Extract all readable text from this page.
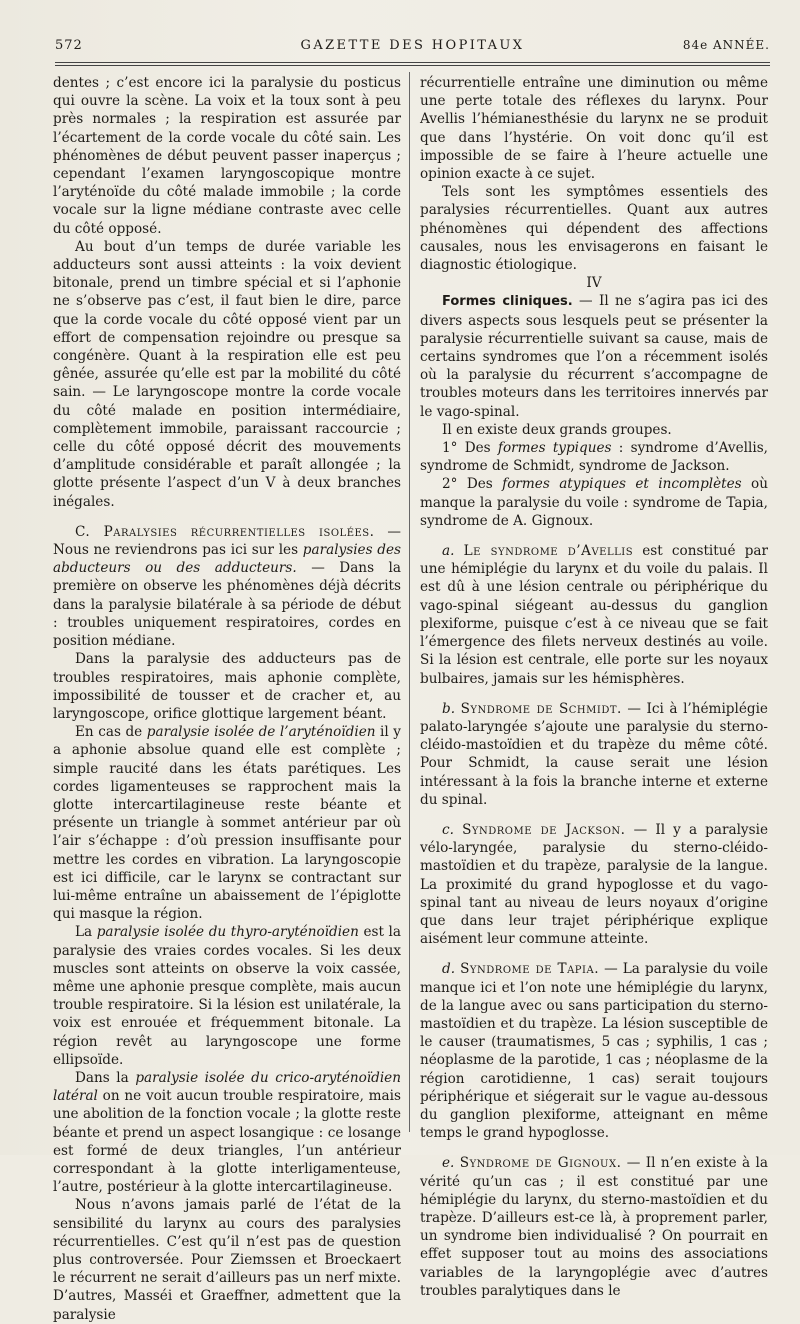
572	GAZETTE DES HOPITAUX	84e ANNÉE.

dentes ; c’est encore ici la paralysie du posticus qui ouvre la scène. La voix et la toux sont à peu près normales ; la respiration est assurée par l’écartement de la corde vocale du côté sain. Les phénomènes de début peuvent passer inaperçus ; cependant l’examen laryngoscopique montre l’aryténoïde du côté malade immobile ; la corde vocale sur la ligne médiane contraste avec celle du côté opposé.

Au bout d’un temps de durée variable les adducteurs sont aussi atteints : la voix devient bitonale, prend un timbre spécial et si l’aphonie ne s’observe pas c’est, il faut bien le dire, parce que la corde vocale du côté opposé vient par un effort de compensation rejoindre ou presque sa congénère. Quant à la respiration elle est peu gênée, assurée qu’elle est par la mobilité du côté sain. — Le laryngoscope montre la corde vocale du côté malade en position intermédiaire, complètement immobile, paraissant raccourcie ; celle du côté opposé décrit des mouvements d’amplitude considérable et paraît allongée ; la glotte présente l’aspect d’un V à deux branches inégales.

C. Paralysies récurrentielles isolées. — Nous ne reviendrons pas ici sur les paralysies des abducteurs ou des adducteurs. — Dans la première on observe les phénomènes déjà décrits dans la paralysie bilatérale à sa période de début : troubles uniquement respiratoires, cordes en position médiane.

Dans la paralysie des adducteurs pas de troubles respiratoires, mais aphonie complète, impossibilité de tousser et de cracher et, au laryngoscope, orifice glottique largement béant.

En cas de paralysie isolée de l’aryténoïdien il y a aphonie absolue quand elle est complète ; simple raucité dans les états parétiques. Les cordes ligamenteuses se rapprochent mais la glotte intercartilagineuse reste béante et présente un triangle à sommet antérieur par où l’air s’échappe : d’où pression insuffisante pour mettre les cordes en vibration. La laryngoscopie est ici difficile, car le larynx se contractant sur lui-même entraîne un abaissement de l’épiglotte qui masque la région.

La paralysie isolée du thyro-aryténoïdien est la paralysie des vraies cordes vocales. Si les deux muscles sont atteints on observe la voix cassée, même une aphonie presque complète, mais aucun trouble respiratoire. Si la lésion est unilatérale, la voix est enrouée et fréquemment bitonale. La région revêt au laryngoscope une forme ellipsoïde.

Dans la paralysie isolée du crico-aryténoïdien latéral on ne voit aucun trouble respiratoire, mais une abolition de la fonction vocale ; la glotte reste béante et prend un aspect losangique : ce losange est formé de deux triangles, l’un antérieur correspondant à la glotte interligamenteuse, l’autre, postérieur à la glotte intercartilagineuse.

Nous n’avons jamais parlé de l’état de la sensibilité du larynx au cours des paralysies récurrentielles. C’est qu’il n’est pas de question plus controversée. Pour Ziemssen et Broeckaert le récurrent ne serait d’ailleurs pas un nerf mixte. D’autres, Masséi et Graeffner, admettent que la paralysie

récurrentielle entraîne une diminution ou même une perte totale des réflexes du larynx. Pour Avellis l’hémianesthésie du larynx ne se produit que dans l’hystérie. On voit donc qu’il est impossible de se faire à l’heure actuelle une opinion exacte à ce sujet.

Tels sont les symptômes essentiels des paralysies récurrentielles. Quant aux autres phénomènes qui dépendent des affections causales, nous les envisagerons en faisant le diagnostic étiologique.

IV

Formes cliniques. — Il ne s’agira pas ici des divers aspects sous lesquels peut se présenter la paralysie récurrentielle suivant sa cause, mais de certains syndromes que l’on a récemment isolés où la paralysie du récurrent s’accompagne de troubles moteurs dans les territoires innervés par le vago-spinal.

Il en existe deux grands groupes.

1° Des formes typiques : syndrome d’Avellis, syndrome de Schmidt, syndrome de Jackson.

2° Des formes atypiques et incomplètes où manque la paralysie du voile : syndrome de Tapia, syndrome de A. Gignoux.

a. Le syndrome d’Avellis est constitué par une hémiplégie du larynx et du voile du palais. Il est dû à une lésion centrale ou périphérique du vago-spinal siégeant au-dessus du ganglion plexiforme, puisque c’est à ce niveau que se fait l’émergence des filets nerveux destinés au voile. Si la lésion est centrale, elle porte sur les noyaux bulbaires, jamais sur les hémisphères.

b. Syndrome de Schmidt. — Ici à l’hémiplégie palato-laryngée s’ajoute une paralysie du sterno-cléido-mastoïdien et du trapèze du même côté. Pour Schmidt, la cause serait une lésion intéressant à la fois la branche interne et externe du spinal.

c. Syndrome de Jackson. — Il y a paralysie vélo-laryngée, paralysie du sterno-cléido-mastoïdien et du trapèze, paralysie de la langue. La proximité du grand hypoglosse et du vago-spinal tant au niveau de leurs noyaux d’origine que dans leur trajet périphérique explique aisément leur commune atteinte.

d. Syndrome de Tapia. — La paralysie du voile manque ici et l’on note une hémiplégie du larynx, de la langue avec ou sans participation du sterno-mastoïdien et du trapèze. La lésion susceptible de le causer (traumatismes, 5 cas ; syphilis, 1 cas ; néoplasme de la parotide, 1 cas ; néoplasme de la région carotidienne, 1 cas) serait toujours périphérique et siégerait sur le vague au-dessous du ganglion plexiforme, atteignant en même temps le grand hypoglosse.

e. Syndrome de Gignoux. — Il n’en existe à la vérité qu’un cas ; il est constitué par une hémiplégie du larynx, du sterno-mastoïdien et du trapèze. D’ailleurs est-ce là, à proprement parler, un syndrome bien individualisé ? On pourrait en effet supposer tout au moins des associations variables de la laryngoplégie avec d’autres troubles paralytiques dans le
